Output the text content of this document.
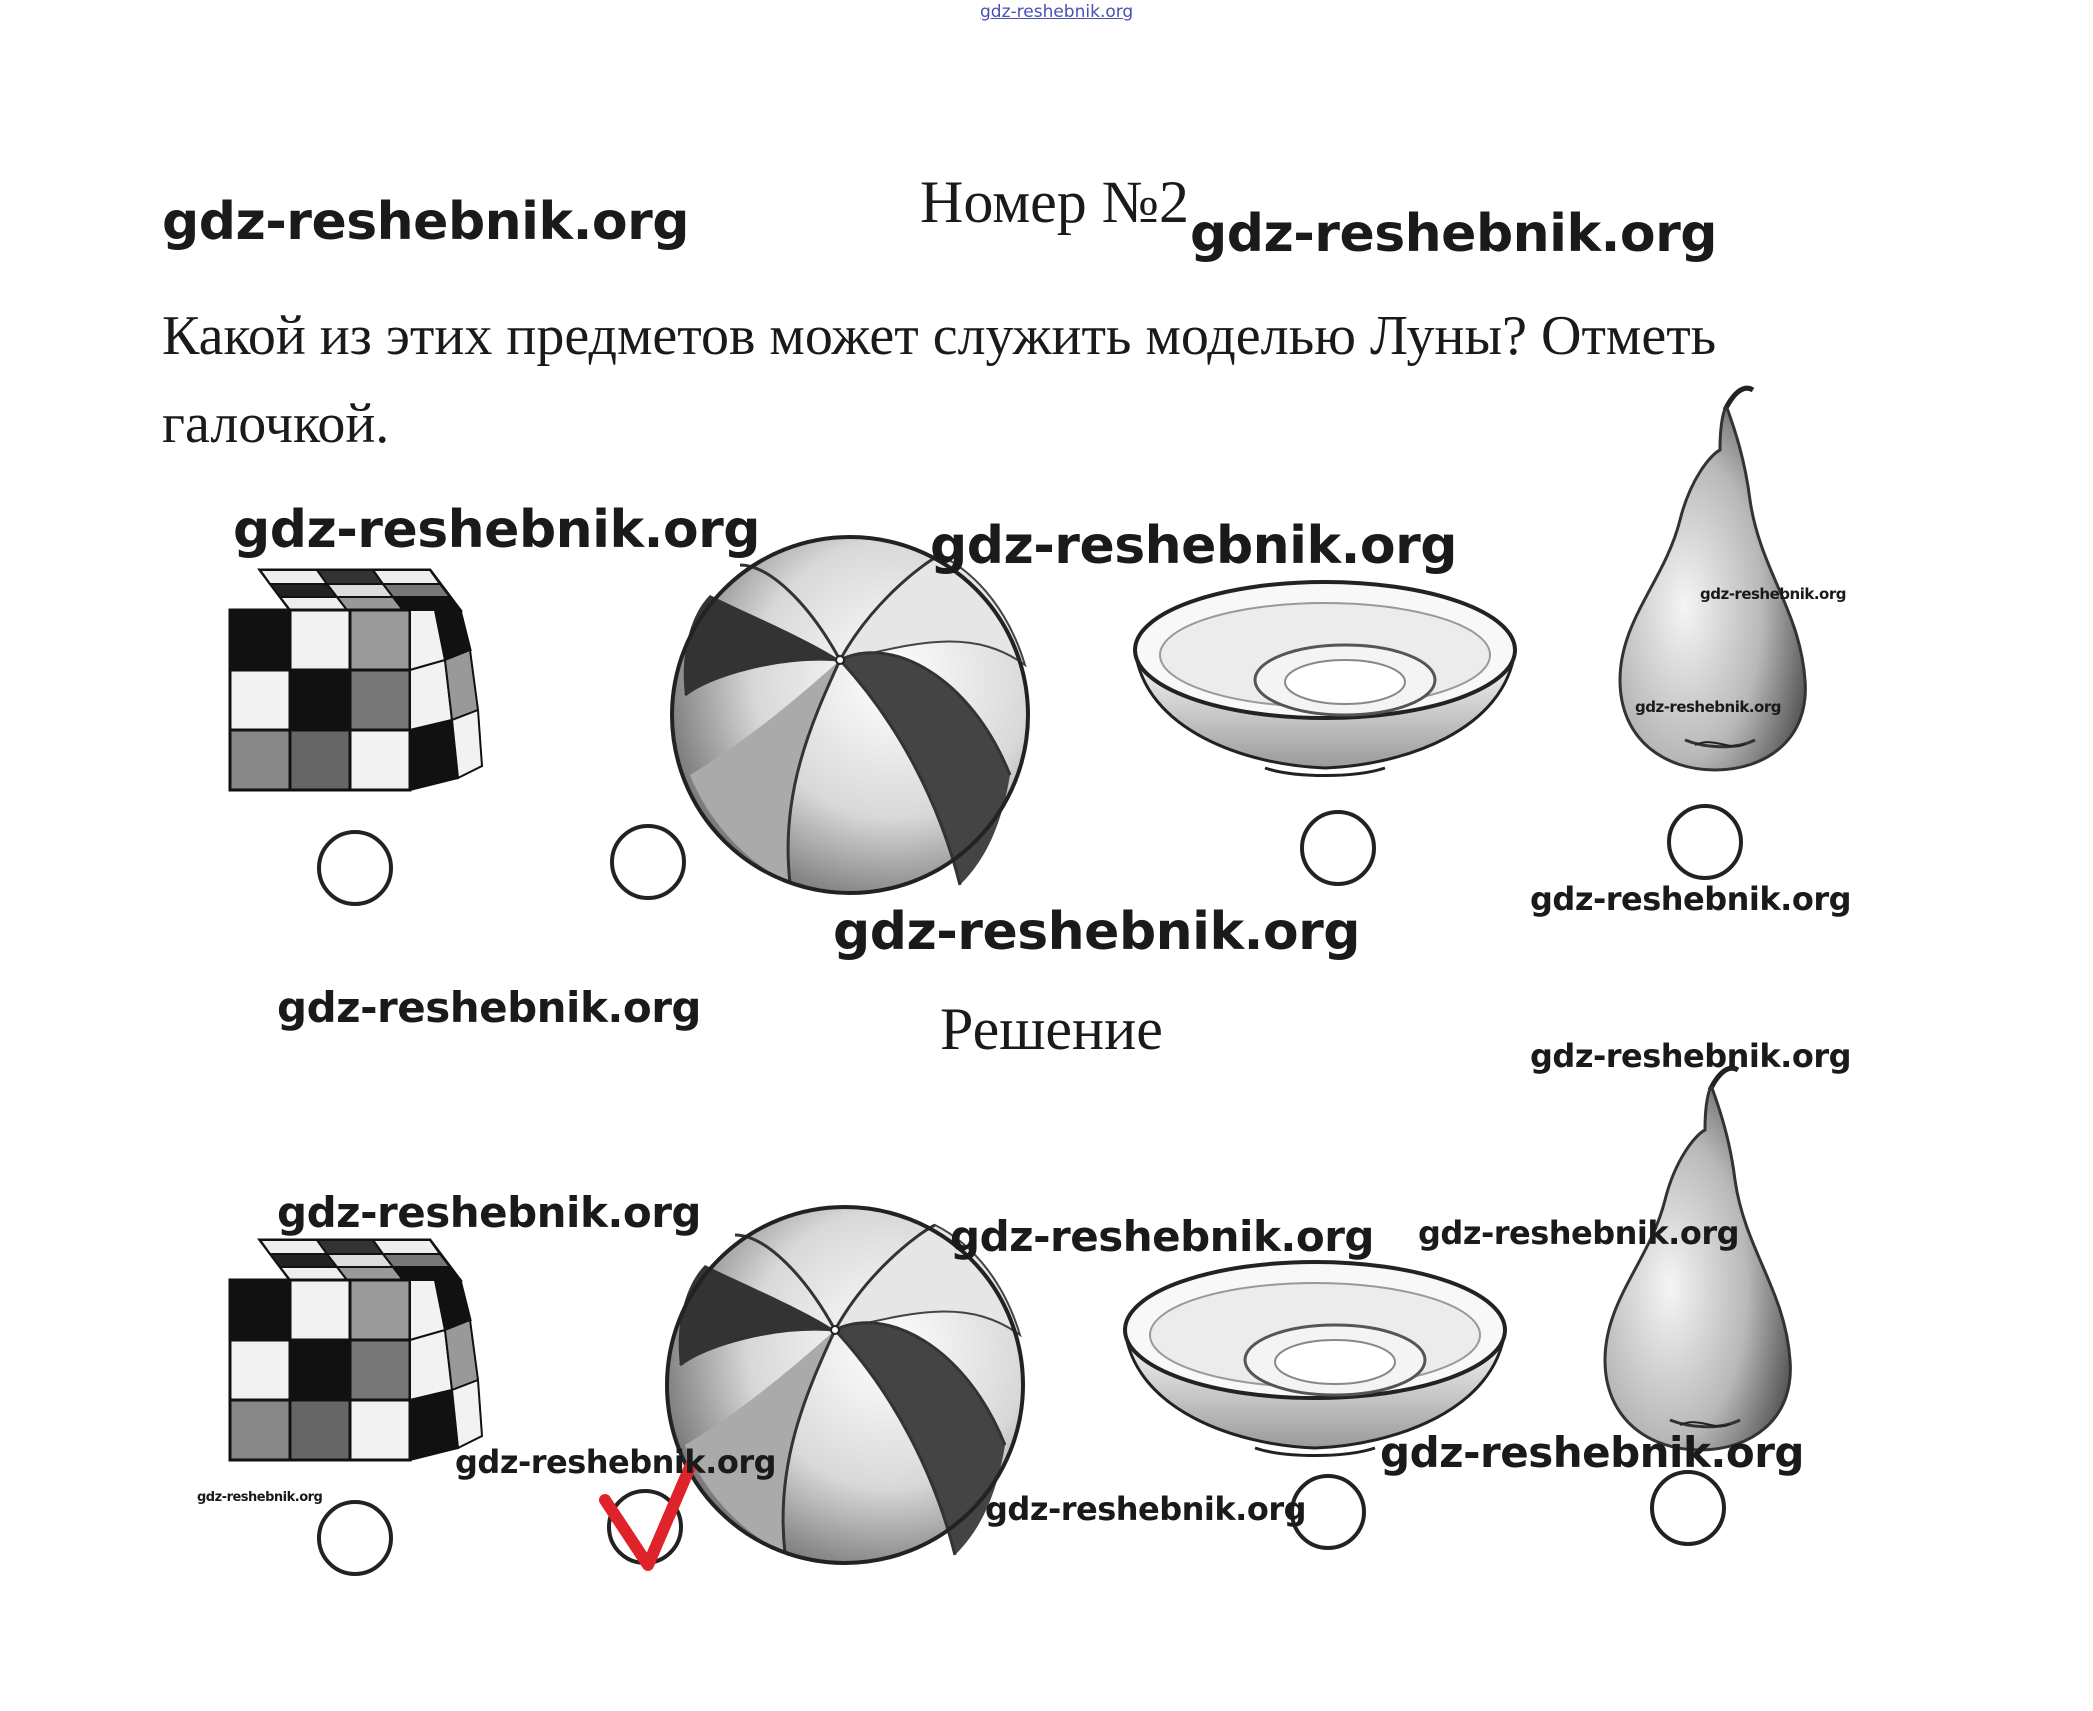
gdz-reshebnik.org
Номер №2
Какой из этих предметов может служить моделью Луны? Отметь галочкой.
Решение
gdz-reshebnik.org	gdz-reshebnik.org
gdz-reshebnik.org	gdz-reshebnik.org
gdz-reshebnik.org
gdz-reshebnik.org
gdz-reshebnik.org
gdz-reshebnik.org
gdz-reshebnik.org
gdz-reshebnik.org
gdz-reshebnik.org	gdz-reshebnik.org gdz-reshebnik.org
gdz-reshebnik.org	gdz-reshebnik.org
gdz-reshebnik.org	gdz-reshebnik.org
